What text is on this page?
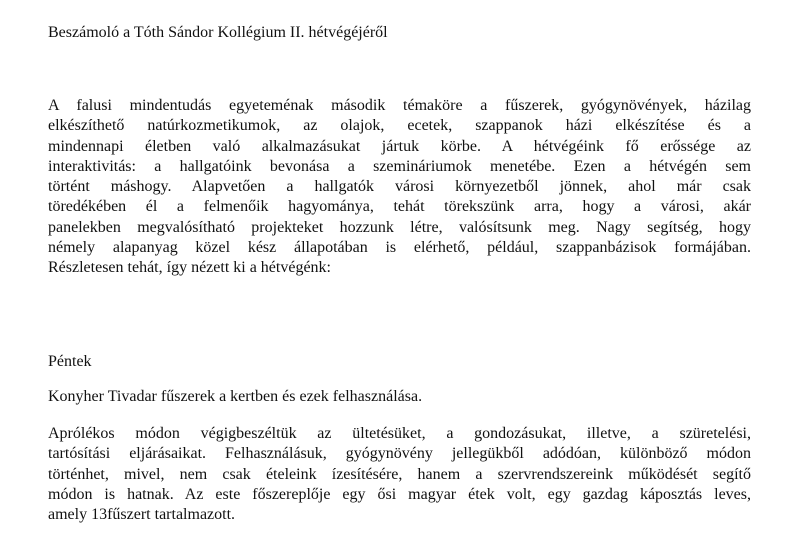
Beszámoló a Tóth Sándor Kollégium II. hétvégéjéről
A falusi mindentudás egyeteménak második témaköre a fűszerek, gyógynövények, házilag
elkészíthető natúrkozmetikumok, az olajok, ecetek, szappanok házi elkészítése és a
mindennapi életben való alkalmazásukat jártuk körbe. A hétvégéink fő erőssége az
interaktivitás: a hallgatóink bevonása a szemináriumok menetébe. Ezen a hétvégén sem
történt máshogy. Alapvetően a hallgatók városi környezetből jönnek, ahol már csak
töredékében él a felmenőik hagyománya, tehát törekszünk arra, hogy a városi, akár
panelekben megvalósítható projekteket hozzunk létre, valósítsunk meg. Nagy segítség, hogy
némely alapanyag közel kész állapotában is elérhető, például, szappanbázisok formájában.
Részletesen tehát, így nézett ki a hétvégénk:

Péntek

Konyher Tivadar fűszerek a kertben és ezek felhasználása.

Aprólékos módon végigbeszéltük az ültetésüket, a gondozásukat, illetve, a szüretelési,
tartósítási eljárásaikat. Felhasználásuk, gyógynövény jellegükből adódóan, különböző módon
történhet, mivel, nem csak ételeink ízesítésére, hanem a szervrendszereink működését segítő
módon is hatnak. Az este főszereplője egy ősi magyar étek volt, egy gazdag káposztás leves,
amely 13fűszert tartalmazott.
